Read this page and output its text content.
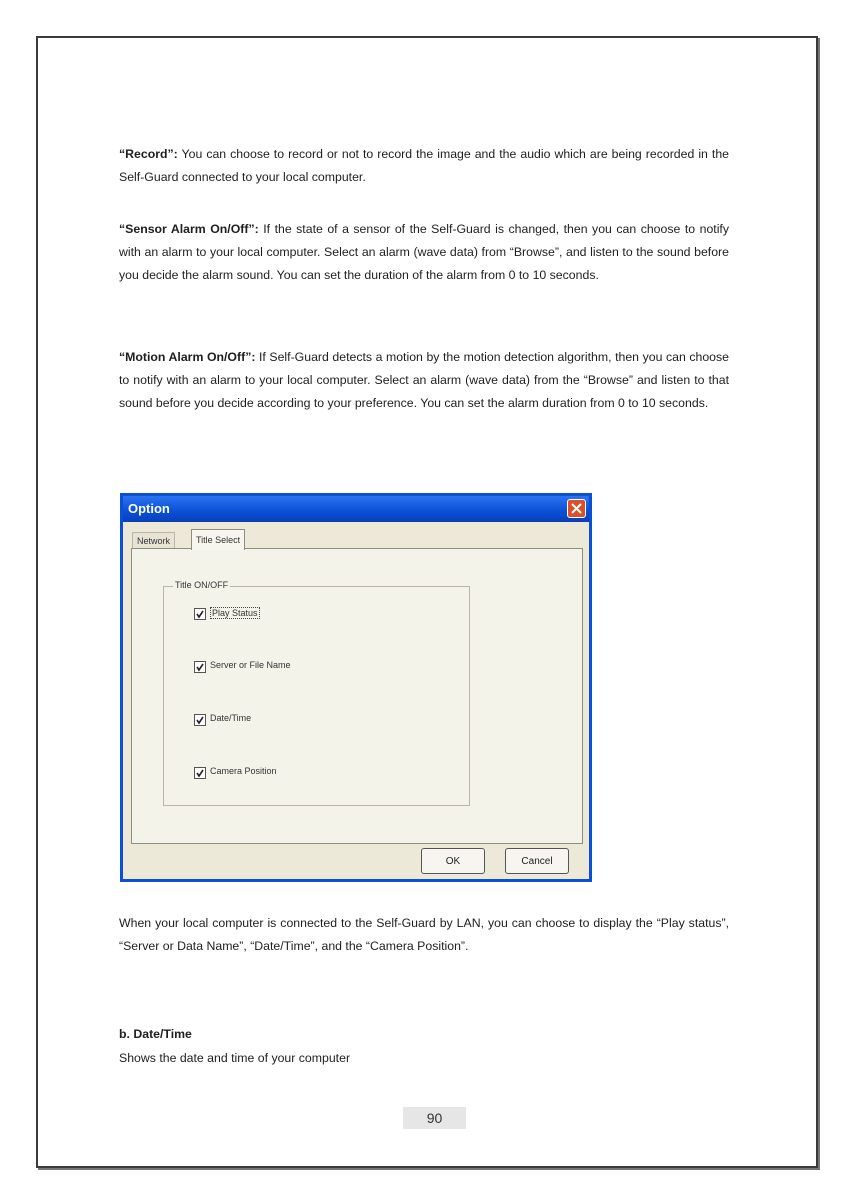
“Record”: You can choose to record or not to record the image and the audio which are being recorded in the Self-Guard connected to your local computer.
“Sensor Alarm On/Off”: If the state of a sensor of the Self-Guard is changed, then you can choose to notify with an alarm to your local computer. Select an alarm (wave data) from “Browse”, and listen to the sound before you decide the alarm sound. You can set the duration of the alarm from 0 to 10 seconds.
“Motion Alarm On/Off”: If Self-Guard detects a motion by the motion detection algorithm, then you can choose to notify with an alarm to your local computer. Select an alarm (wave data) from the “Browse” and listen to that sound before you decide according to your preference. You can set the alarm duration from 0 to 10 seconds.
Option
Network	Title Select
Title ON/OFF
Play Status
Server or File Name
Date/Time
Camera Position
OK	Cancel
When your local computer is connected to the Self-Guard by LAN, you can choose to display the “Play status”, “Server or Data Name”, “Date/Time”, and the “Camera Position”.
b. Date/Time
Shows the date and time of your computer
90
